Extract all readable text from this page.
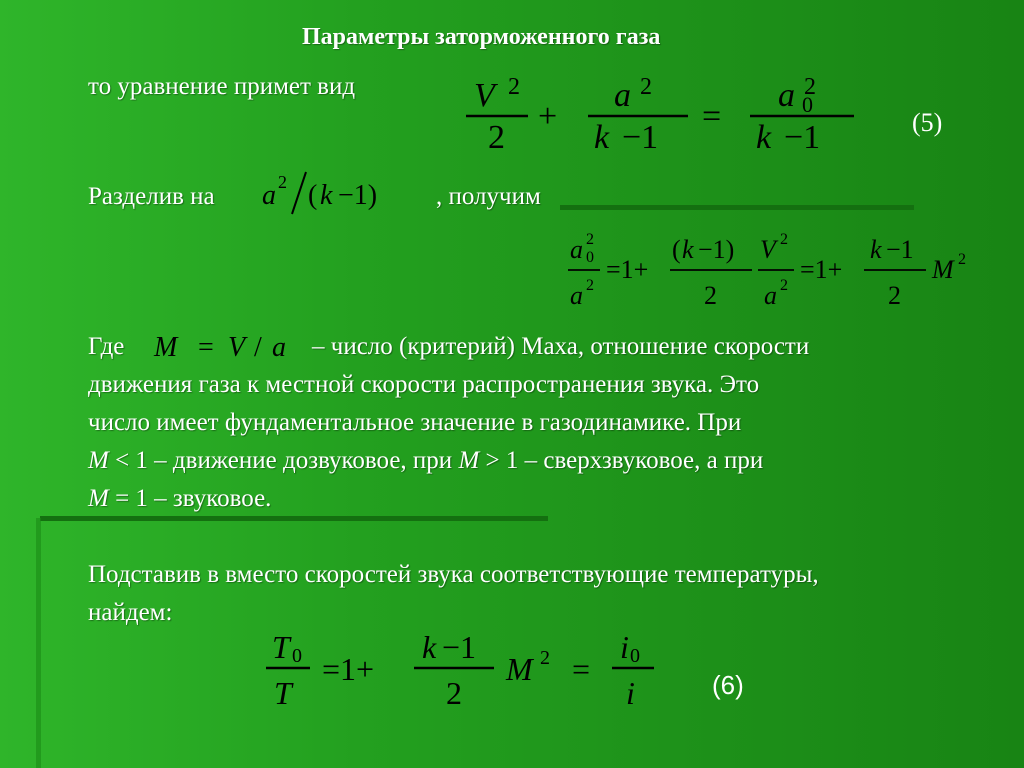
Параметры заторможенного газа
то уравнение примет вид	V 2
2
+
a 2
k −1
=
a 2
0
k −1	(5)
Разделив на a 2 ( k −1) , получим
a 2
0
a 2
=1+
( k −1)
2
V 2
a 2
=1+
k −1
2
M 2
Где M = V / a – число (критерий) Маха, отношение скорости
движения газа к местной скорости распространения звука. Это
число имеет фундаментальное значение в газодинамике. При
M < 1 – движение дозвуковое, при M > 1 – сверхзвуковое, а при
M = 1 – звуковое.
Подставив в вместо скоростей звука соответствующие температуры,
найдем:
T 0
T
=1+
k −1
2
M 2 =
i 0
i	(6)
